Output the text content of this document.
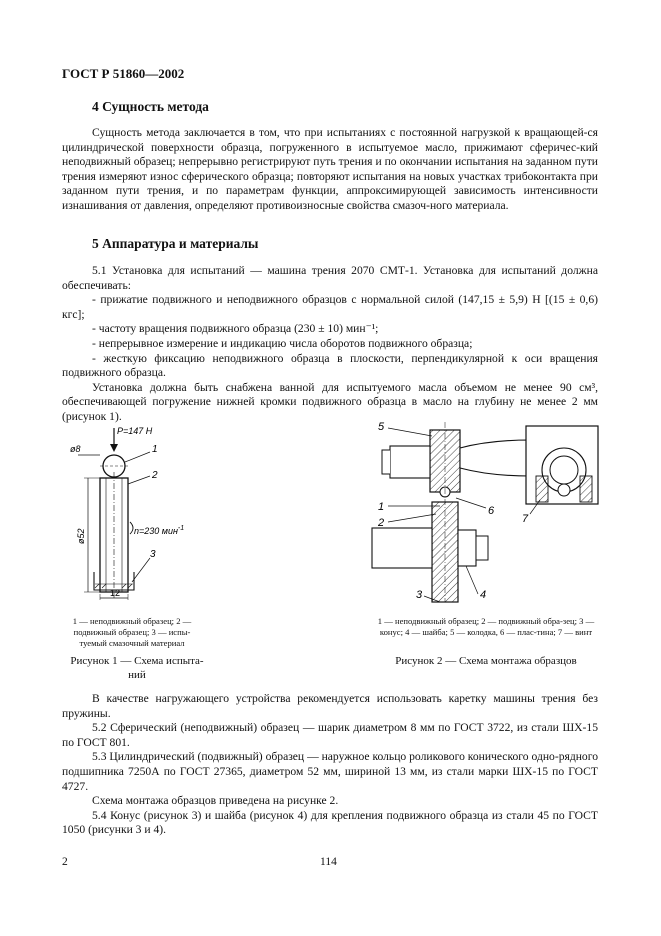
ГОСТ Р 51860—2002
4 Сущность метода

Сущность метода заключается в том, что при испытаниях с постоянной нагрузкой к вращающей-ся цилиндрической поверхности образца, погруженного в испытуемое масло, прижимают сферичес-кий неподвижный образец; непрерывно регистрируют путь трения и по окончании испытания на заданном пути трения измеряют износ сферического образца; повторяют испытания на новых участках трибоконтакта при заданном пути трения, и по параметрам функции, аппроксимирующей зависимость интенсивности изнашивания от давления, определяют противоизносные свойства смазоч-ного материала.

5 Аппаратура и материалы

5.1 Установка для испытаний — машина трения 2070 СМТ-1. Установка для испытаний должна обеспечивать:

- прижатие подвижного и неподвижного образцов с нормальной силой (147,15 ± 5,9) Н [(15 ± 0,6) кгс];

- частоту вращения подвижного образца (230 ± 10) мин⁻¹;

- непрерывное измерение и индикацию числа оборотов подвижного образца;

- жесткую фиксацию неподвижного образца в плоскости, перпендикулярной к оси вращения подвижного образца.

Установка должна быть снабжена ванной для испытуемого масла объемом не менее 90 см³, обеспечивающей погружение нижней кромки подвижного образца в масло на глубину не менее 2 мм (рисунок 1).

P=147 H
ø8	1
2
ø52	n=230 мин$^{-1}$
3
12
1 — неподвижный образец; 2 — подвижный образец; 3 — испы-туемый смазочный материал
Рисунок 1 — Схема испыта-ний
5
1
2
6
3	4
7
1 — неподвижный образец; 2 — подвижный обра-зец; 3 — конус; 4 — шайба; 5 — колодка, 6 — плас-тина; 7 — винт
Рисунок 2 — Схема монтажа образцов

В качестве нагружающего устройства рекомендуется использовать каретку машины трения без пружины.

5.2 Сферический (неподвижный) образец — шарик диаметром 8 мм по ГОСТ 3722, из стали ШХ-15 по ГОСТ 801.

5.3 Цилиндрический (подвижный) образец — наружное кольцо роликового конического одно-рядного подшипника 7250А по ГОСТ 27365, диаметром 52 мм, шириной 13 мм, из стали марки ШХ-15 по ГОСТ 4727.

Схема монтажа образцов приведена на рисунке 2.

5.4 Конус (рисунок 3) и шайба (рисунок 4) для крепления подвижного образца из стали 45 по ГОСТ 1050 (рисунки 3 и 4).

2	114
